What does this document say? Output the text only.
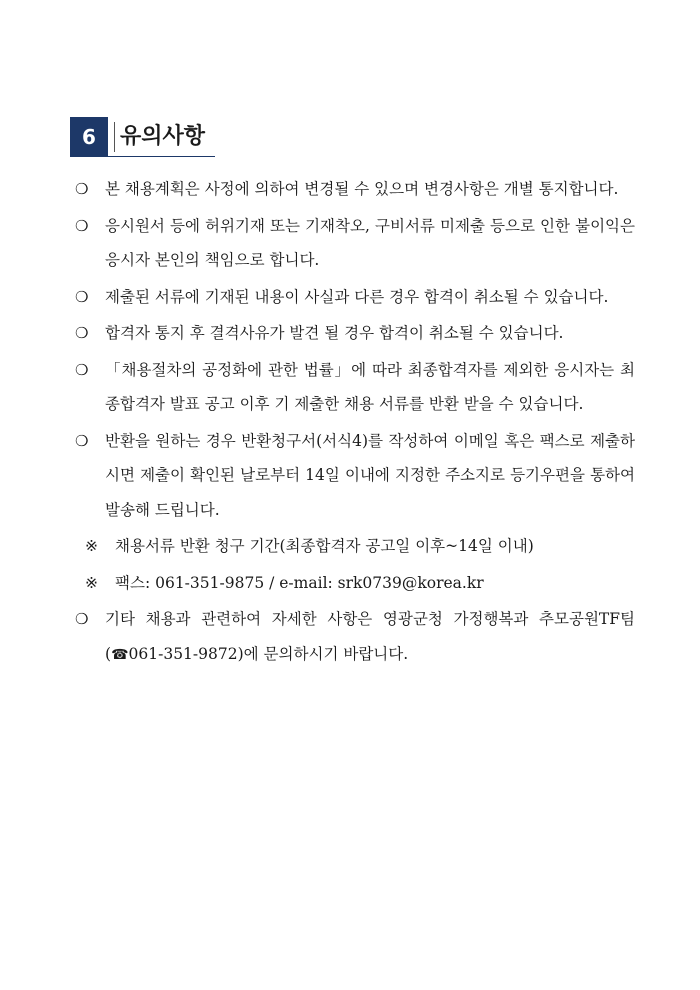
6	유의사항
❍ 본 채용계획은 사정에 의하여 변경될 수 있으며 변경사항은 개별 통지합니다.
❍ 응시원서 등에 허위기재 또는 기재착오, 구비서류 미제출 등으로 인한 불이익은 응시자 본인의 책임으로 합니다.
❍ 제출된 서류에 기재된 내용이 사실과 다른 경우 합격이 취소될 수 있습니다.
❍ 합격자 통지 후 결격사유가 발견 될 경우 합격이 취소될 수 있습니다.
❍ 「채용절차의 공정화에 관한 법률」에 따라 최종합격자를 제외한 응시자는 최종합격자 발표 공고 이후 기 제출한 채용 서류를 반환 받을 수 있습니다.
❍ 반환을 원하는 경우 반환청구서(서식4)를 작성하여 이메일 혹은 팩스로 제출하시면 제출이 확인된 날로부터 14일 이내에 지정한 주소지로 등기우편을 통하여 발송해 드립니다.
※ 채용서류 반환 청구 기간(최종합격자 공고일 이후~14일 이내)
※ 팩스: 061-351-9875 / e-mail: srk0739@korea.kr
❍ 기타 채용과 관련하여 자세한 사항은 영광군청 가정행복과 추모공원TF팀(☎061-351-9872)에 문의하시기 바랍니다.
